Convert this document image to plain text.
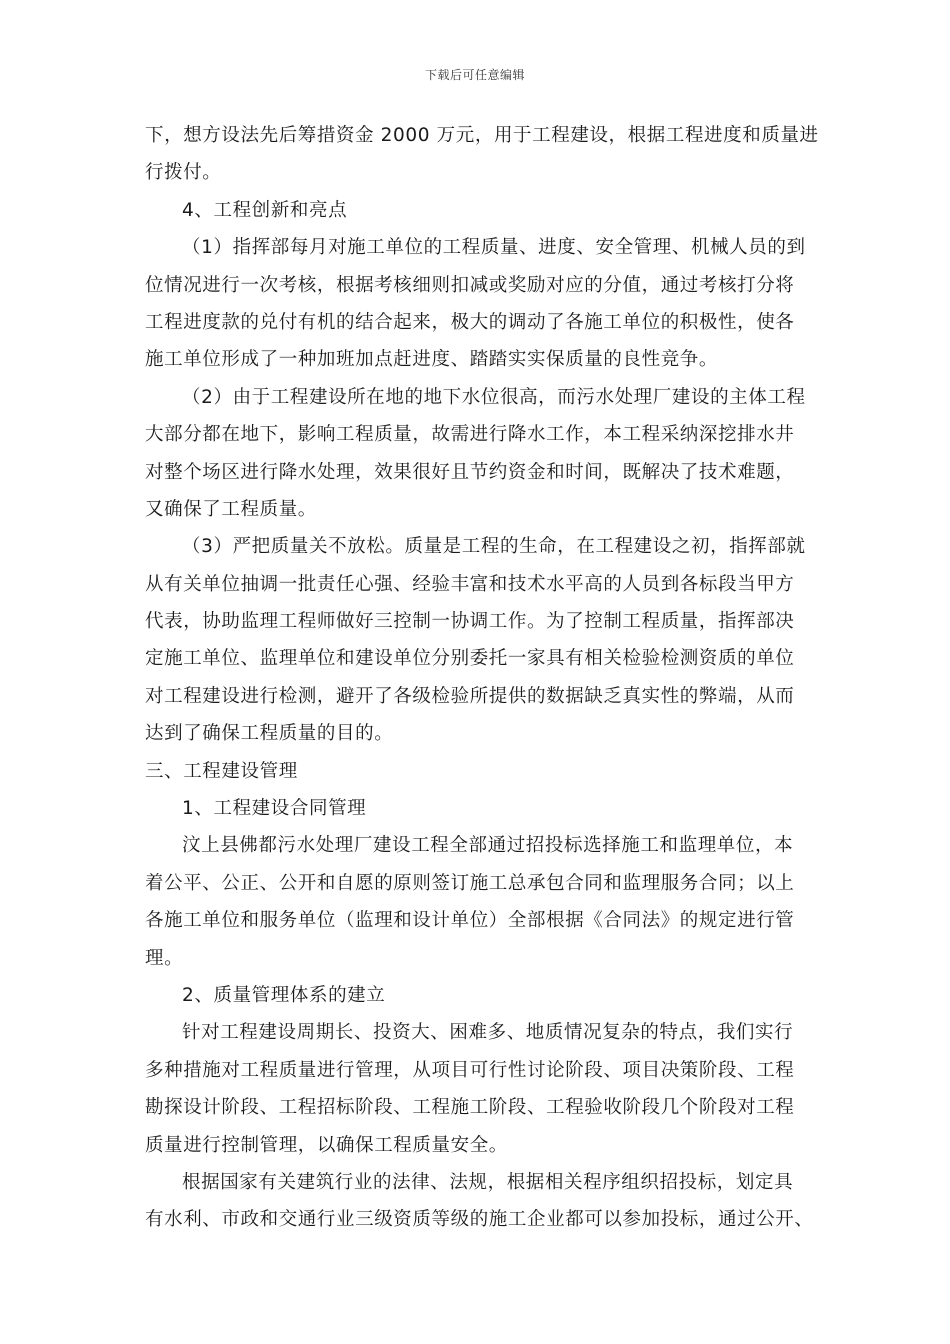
下载后可任意编辑
下，想方设法先后筹措资金 2000 万元，用于工程建设，根据工程进度和质量进
行拨付。
4、工程创新和亮点
（1）指挥部每月对施工单位的工程质量、进度、安全管理、机械人员的到
位情况进行一次考核，根据考核细则扣减或奖励对应的分值，通过考核打分将
工程进度款的兑付有机的结合起来，极大的调动了各施工单位的积极性，使各
施工单位形成了一种加班加点赶进度、踏踏实实保质量的良性竞争。
（2）由于工程建设所在地的地下水位很高，而污水处理厂建设的主体工程
大部分都在地下，影响工程质量，故需进行降水工作，本工程采纳深挖排水井
对整个场区进行降水处理，效果很好且节约资金和时间，既解决了技术难题，
又确保了工程质量。
（3）严把质量关不放松。质量是工程的生命，在工程建设之初，指挥部就
从有关单位抽调一批责任心强、经验丰富和技术水平高的人员到各标段当甲方
代表，协助监理工程师做好三控制一协调工作。为了控制工程质量，指挥部决
定施工单位、监理单位和建设单位分别委托一家具有相关检验检测资质的单位
对工程建设进行检测，避开了各级检验所提供的数据缺乏真实性的弊端，从而
达到了确保工程质量的目的。
三、工程建设管理
1、工程建设合同管理
汶上县佛都污水处理厂建设工程全部通过招投标选择施工和监理单位，本
着公平、公正、公开和自愿的原则签订施工总承包合同和监理服务合同；以上
各施工单位和服务单位（监理和设计单位）全部根据《合同法》的规定进行管
理。
2、质量管理体系的建立
针对工程建设周期长、投资大、困难多、地质情况复杂的特点，我们实行
多种措施对工程质量进行管理，从项目可行性讨论阶段、项目决策阶段、工程
勘探设计阶段、工程招标阶段、工程施工阶段、工程验收阶段几个阶段对工程
质量进行控制管理，以确保工程质量安全。
根据国家有关建筑行业的法律、法规，根据相关程序组织招投标，划定具
有水利、市政和交通行业三级资质等级的施工企业都可以参加投标，通过公开、
